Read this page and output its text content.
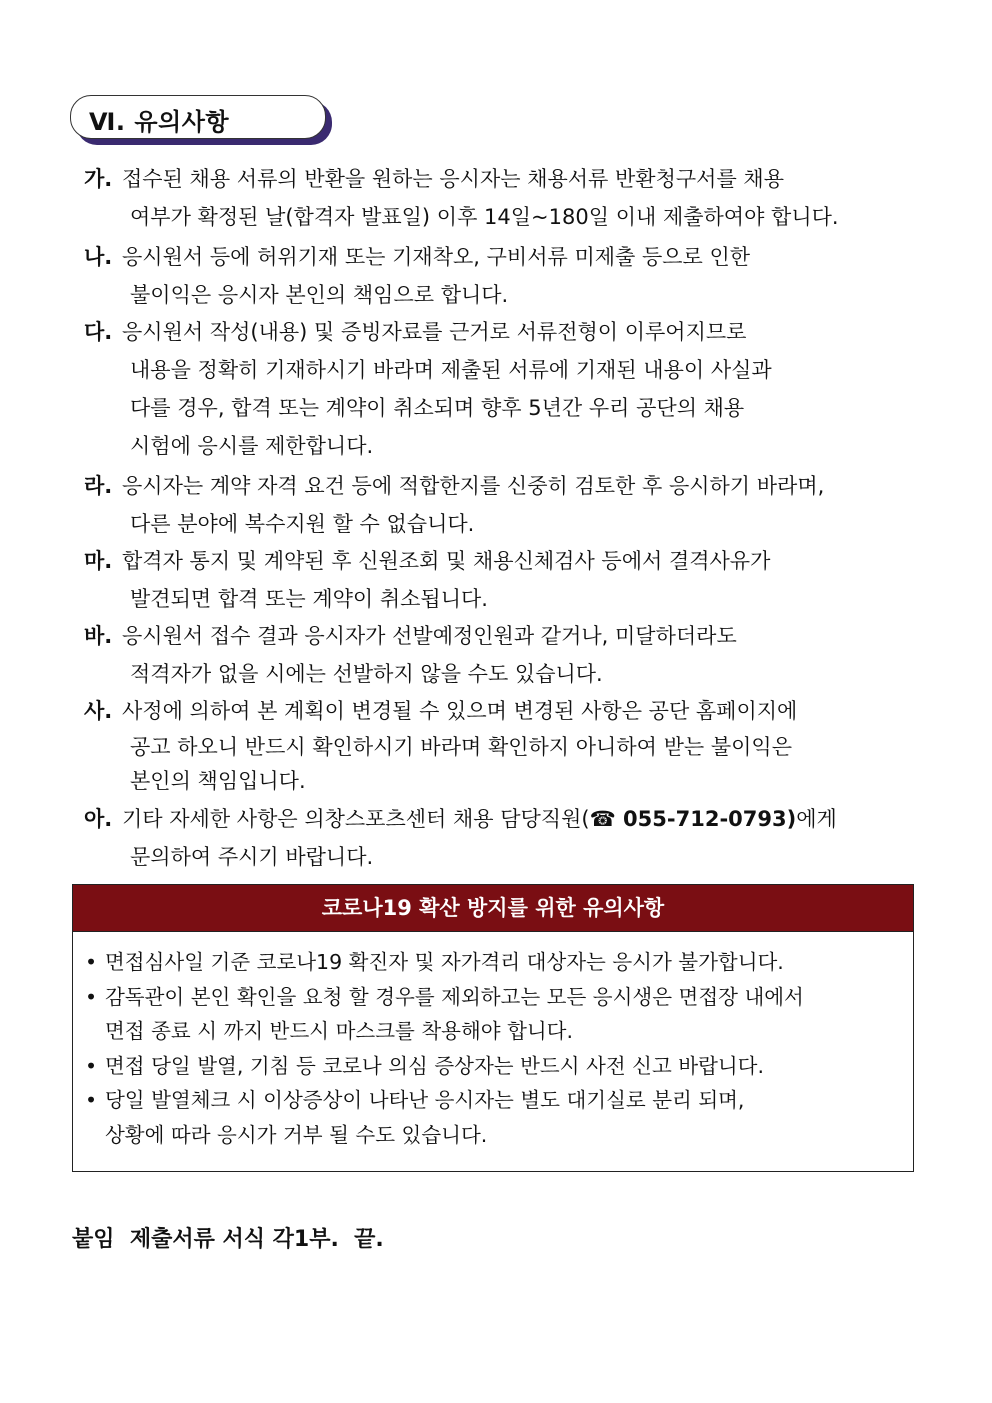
Ⅵ. 유의사항
가. 접수된 채용 서류의 반환을 원하는 응시자는 채용서류 반환청구서를 채용
여부가 확정된 날(합격자 발표일) 이후 14일~180일 이내 제출하여야 합니다.
나. 응시원서 등에 허위기재 또는 기재착오, 구비서류 미제출 등으로 인한
불이익은 응시자 본인의 책임으로 합니다.
다. 응시원서 작성(내용) 및 증빙자료를 근거로 서류전형이 이루어지므로
내용을 정확히 기재하시기 바라며 제출된 서류에 기재된 내용이 사실과
다를 경우, 합격 또는 계약이 취소되며 향후 5년간 우리 공단의 채용
시험에 응시를 제한합니다.
라. 응시자는 계약 자격 요건 등에 적합한지를 신중히 검토한 후 응시하기 바라며,
다른 분야에 복수지원 할 수 없습니다.
마. 합격자 통지 및 계약된 후 신원조회 및 채용신체검사 등에서 결격사유가
발견되면 합격 또는 계약이 취소됩니다.
바. 응시원서 접수 결과 응시자가 선발예정인원과 같거나, 미달하더라도
적격자가 없을 시에는 선발하지 않을 수도 있습니다.
사. 사정에 의하여 본 계획이 변경될 수 있으며 변경된 사항은 공단 홈페이지에
공고 하오니 반드시 확인하시기 바라며 확인하지 아니하여 받는 불이익은
본인의 책임입니다.
아. 기타 자세한 사항은 의창스포츠센터 채용 담당직원(☎ 055-712-0793)에게
문의하여 주시기 바랍니다.
코로나19 확산 방지를 위한 유의사항
• 면접심사일 기준 코로나19 확진자 및 자가격리 대상자는 응시가 불가합니다.
• 감독관이 본인 확인을 요청 할 경우를 제외하고는 모든 응시생은 면접장 내에서
면접 종료 시 까지 반드시 마스크를 착용해야 합니다.
• 면접 당일 발열, 기침 등 코로나 의심 증상자는 반드시 사전 신고 바랍니다.
• 당일 발열체크 시 이상증상이 나타난 응시자는 별도 대기실로 분리 되며,
상황에 따라 응시가 거부 될 수도 있습니다.
붙임  제출서류 서식 각1부.  끝.
